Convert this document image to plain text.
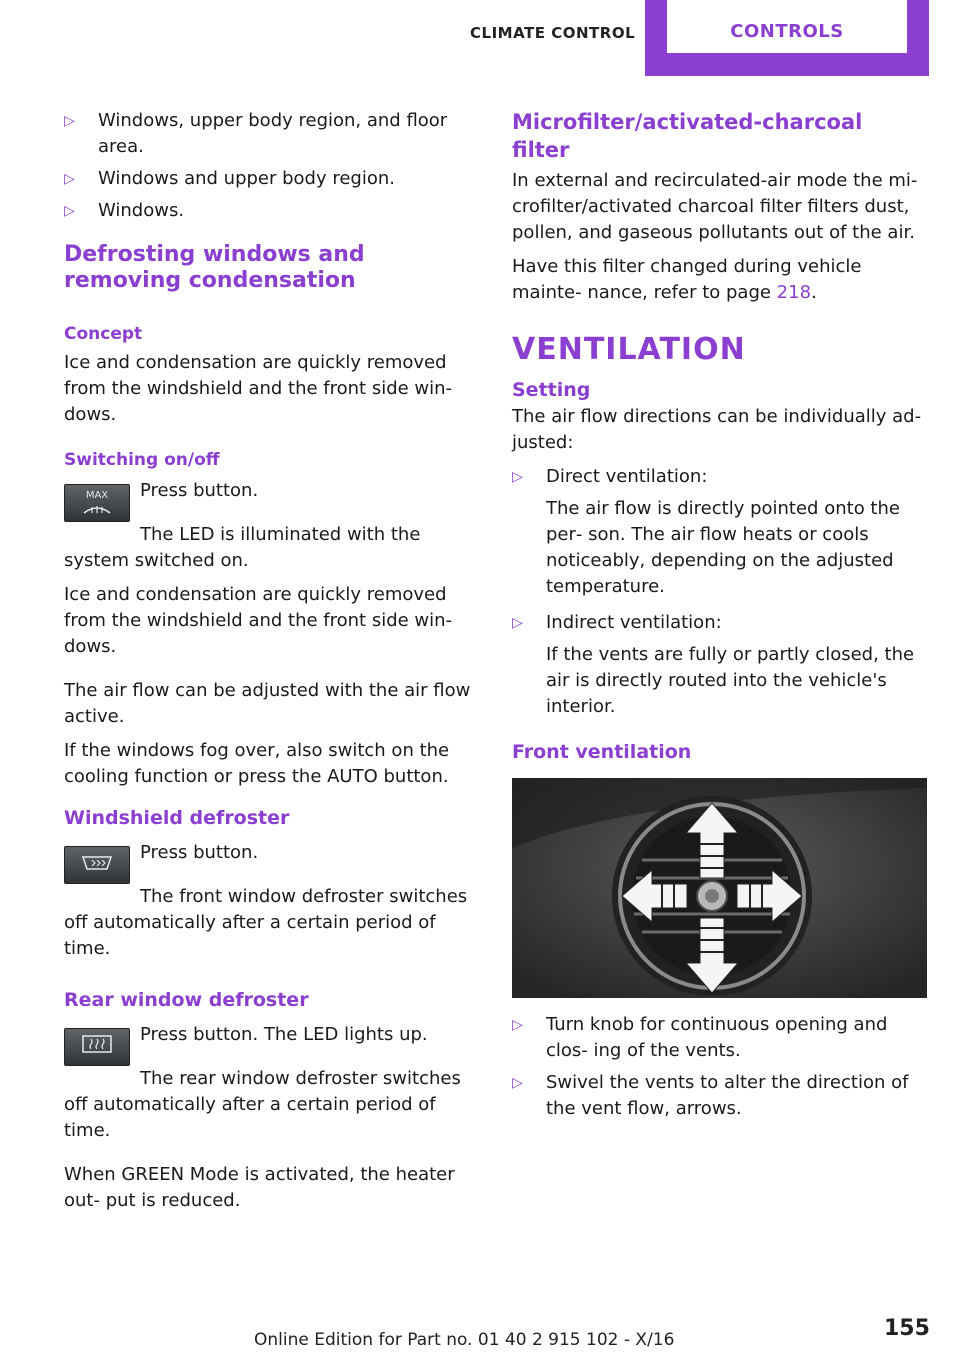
CLIMATE CONTROL	CONTROLS
▷ Windows, upper body region, and floor area.
▷ Windows and upper body region.
▷ Windows.
Defrosting windows and removing condensation
Concept

Ice and condensation are quickly removed from the windshield and the front side win‐ dows.

Switching on/off
MAX	Press button.

The LED is illuminated with the system switched on.

Ice and condensation are quickly removed from the windshield and the front side win‐ dows.

The air flow can be adjusted with the air flow active.

If the windows fog over, also switch on the cooling function or press the AUTO button.

Windshield defroster

Press button.

The front window defroster switches off automatically after a certain period of time.

Rear window defroster

Press button. The LED lights up.

The rear window defroster switches off automatically after a certain period of time.

When GREEN Mode is activated, the heater out‐ put is reduced.

Microfilter/activated-charcoal filter

In external and recirculated-air mode the mi‐ crofilter/activated charcoal filter filters dust, pollen, and gaseous pollutants out of the air.

Have this filter changed during vehicle mainte‐ nance, refer to page 218.

VENTILATION
Setting

The air flow directions can be individually ad‐ justed:

▷ Direct ventilation:
The air flow is directly pointed onto the per‐ son. The air flow heats or cools noticeably, depending on the adjusted temperature.
▷ Indirect ventilation:
If the vents are fully or partly closed, the air is directly routed into the vehicle's interior.
Front ventilation
▷ Turn knob for continuous opening and clos‐ ing of the vents.
▷ Swivel the vents to alter the direction of the vent flow, arrows.
Online Edition for Part no. 01 40 2 915 102 - X/16	155
